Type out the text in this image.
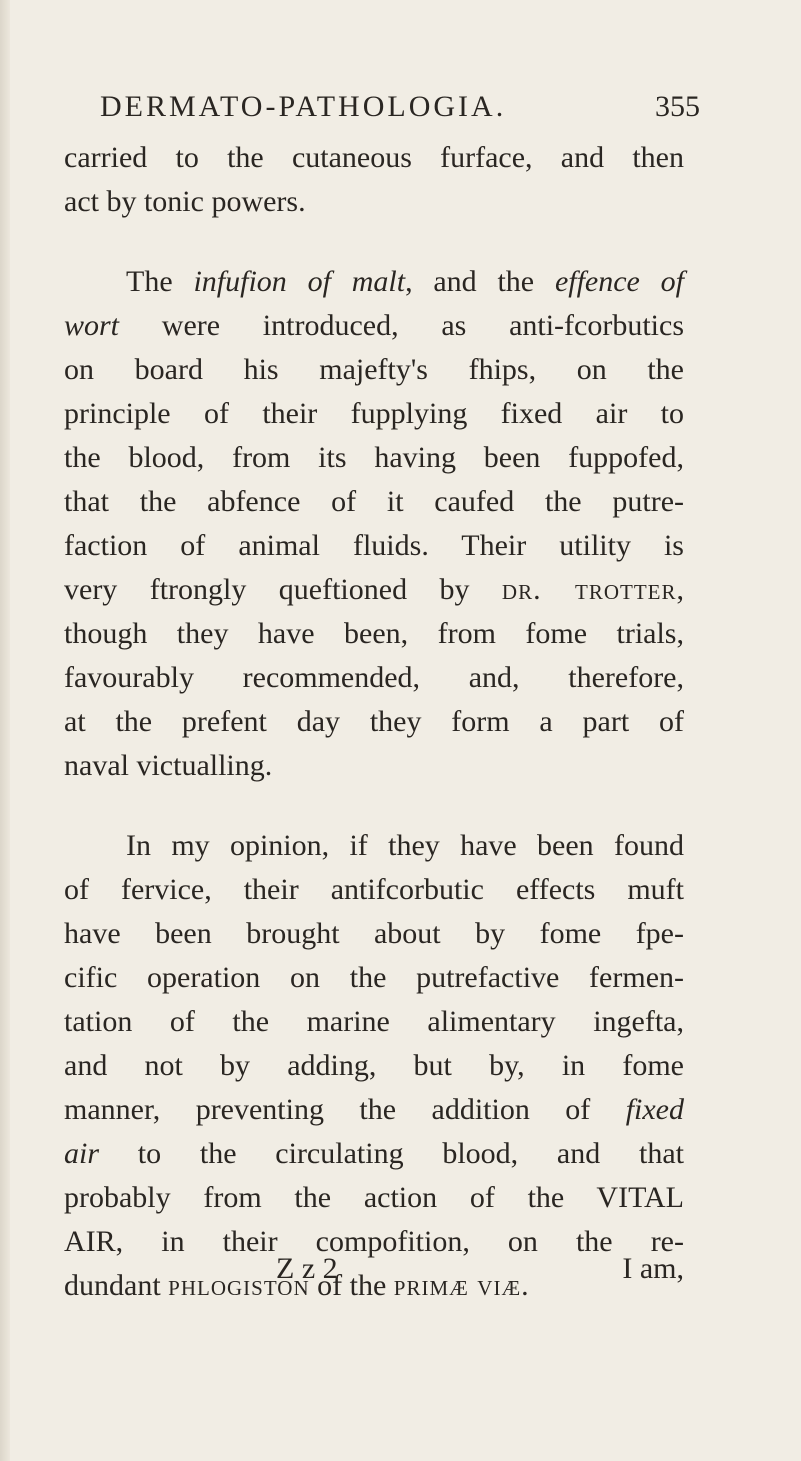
DERMATO-PATHOLOGIA.	355
carried to the cutaneous furface, and then
act by tonic powers.
The infufion of malt, and the effence of
wort were introduced, as anti-fcorbutics
on board his majefty's fhips, on the
principle of their fupplying fixed air to
the blood, from its having been fuppofed,
that the abfence of it caufed the putre-
faction of animal fluids. Their utility is
very ftrongly queftioned by dr. trotter,
though they have been, from fome trials,
favourably recommended, and, therefore,
at the prefent day they form a part of
naval victualling.
In my opinion, if they have been found
of fervice, their antifcorbutic effects muft
have been brought about by fome fpe-
cific operation on the putrefactive fermen-
tation of the marine alimentary ingefta,
and not by adding, but by, in fome
manner, preventing the addition of fixed
air to the circulating blood, and that
probably from the action of the VITAL
AIR, in their compofition, on the re-
dundant phlogiston of the primæ viæ.
Z z 2	I am,
